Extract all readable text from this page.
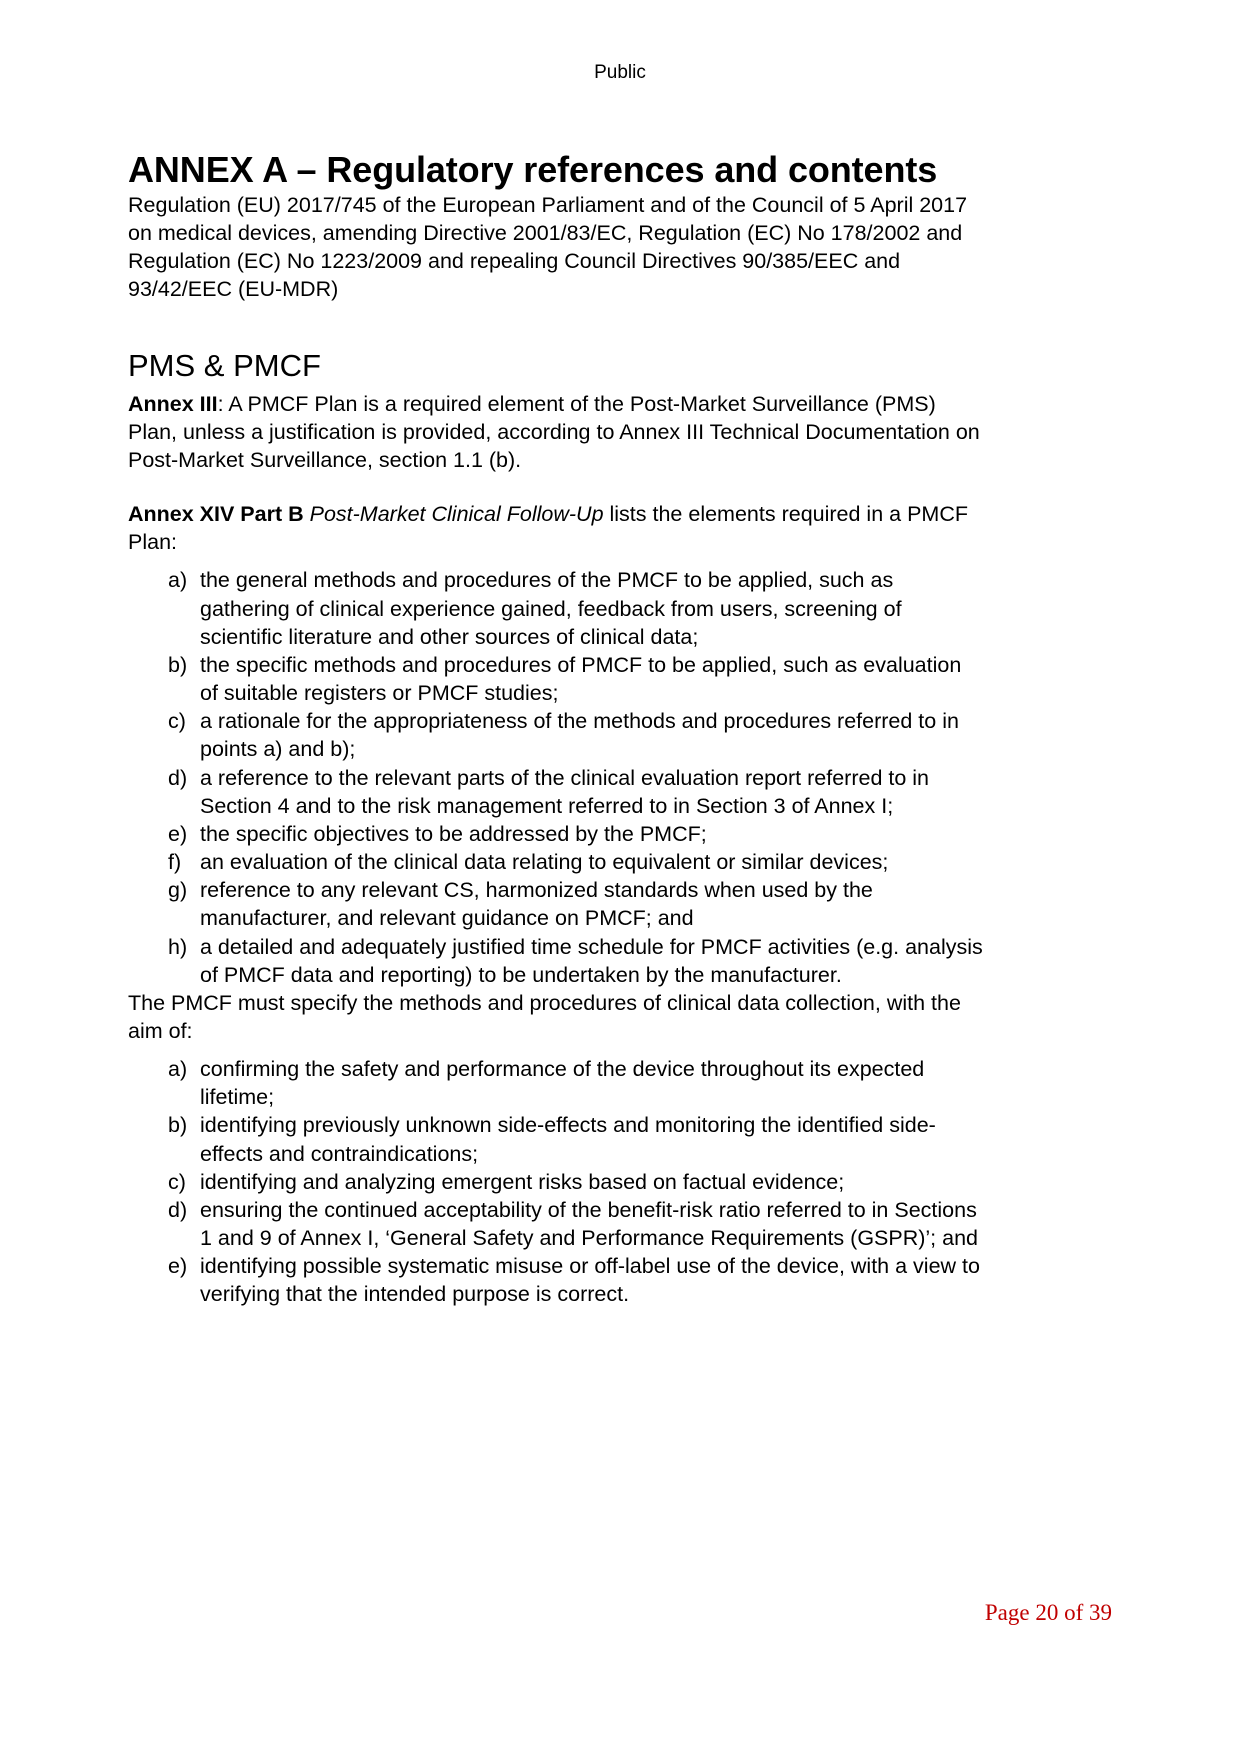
Public
ANNEX A – Regulatory references and contents

Regulation (EU) 2017/745 of the European Parliament and of the Council of 5 April 2017 on medical devices, amending Directive 2001/83/EC, Regulation (EC) No 178/2002 and Regulation (EC) No 1223/2009 and repealing Council Directives 90/385/EEC and 93/42/EEC (EU-MDR)

PMS & PMCF

Annex III: A PMCF Plan is a required element of the Post-Market Surveillance (PMS) Plan, unless a justification is provided, according to Annex III Technical Documentation on Post-Market Surveillance, section 1.1 (b).

Annex XIV Part B Post-Market Clinical Follow-Up lists the elements required in a PMCF Plan:

a) the general methods and procedures of the PMCF to be applied, such as gathering of clinical experience gained, feedback from users, screening of scientific literature and other sources of clinical data;
b) the specific methods and procedures of PMCF to be applied, such as evaluation of suitable registers or PMCF studies;
c) a rationale for the appropriateness of the methods and procedures referred to in points a) and b);
d) a reference to the relevant parts of the clinical evaluation report referred to in Section 4 and to the risk management referred to in Section 3 of Annex I;
e) the specific objectives to be addressed by the PMCF;
f) an evaluation of the clinical data relating to equivalent or similar devices;
g) reference to any relevant CS, harmonized standards when used by the manufacturer, and relevant guidance on PMCF; and
h) a detailed and adequately justified time schedule for PMCF activities (e.g. analysis of PMCF data and reporting) to be undertaken by the manufacturer.

The PMCF must specify the methods and procedures of clinical data collection, with the aim of:

a) confirming the safety and performance of the device throughout its expected lifetime;
b) identifying previously unknown side-effects and monitoring the identified side-effects and contraindications;
c) identifying and analyzing emergent risks based on factual evidence;
d) ensuring the continued acceptability of the benefit-risk ratio referred to in Sections 1 and 9 of Annex I, ‘General Safety and Performance Requirements (GSPR)’; and
e) identifying possible systematic misuse or off-label use of the device, with a view to verifying that the intended purpose is correct.
Page 20 of 39
